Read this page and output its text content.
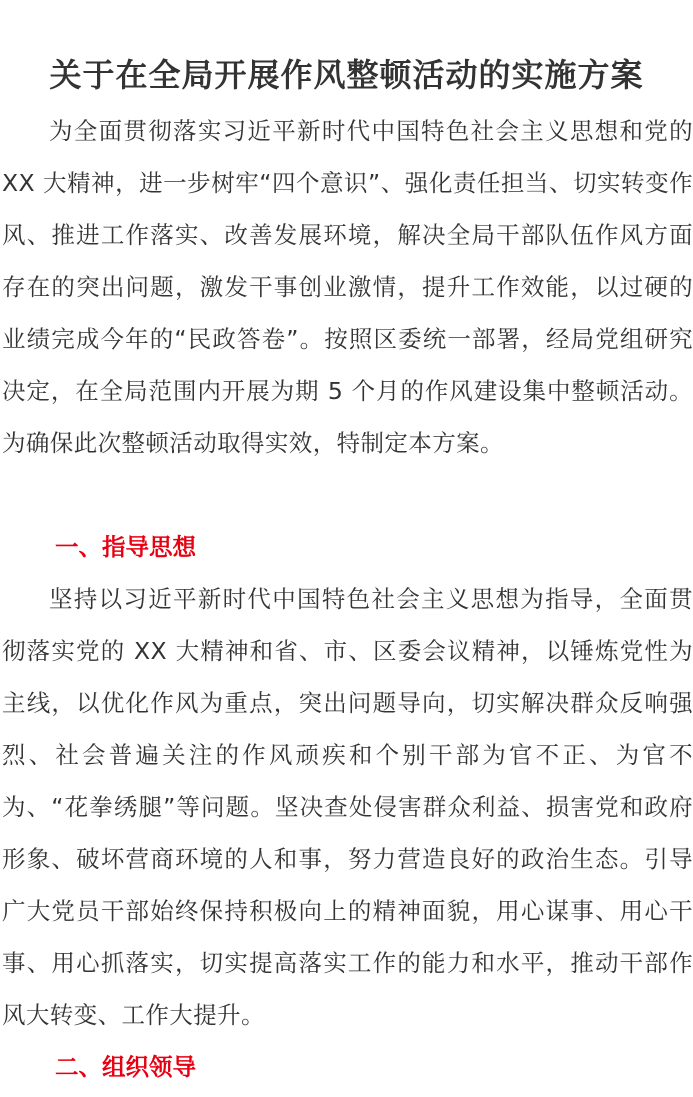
关于在全局开展作风整顿活动的实施方案

为全面贯彻落实习近平新时代中国特色社会主义思想和党的 XX 大精神，进一步树牢“四个意识”、强化责任担当、切实转变作风、推进工作落实、改善发展环境，解决全局干部队伍作风方面存在的突出问题，激发干事创业激情，提升工作效能，以过硬的业绩完成今年的“民政答卷”。按照区委统一部署，经局党组研究决定，在全局范围内开展为期 5 个月的作风建设集中整顿活动。为确保此次整顿活动取得实效，特制定本方案。

一、指导思想

坚持以习近平新时代中国特色社会主义思想为指导，全面贯彻落实党的 XX 大精神和省、市、区委会议精神，以锤炼党性为主线，以优化作风为重点，突出问题导向，切实解决群众反响强烈、社会普遍关注的作风顽疾和个别干部为官不正、为官不为、“花拳绣腿”等问题。坚决查处侵害群众利益、损害党和政府形象、破坏营商环境的人和事，努力营造良好的政治生态。引导广大党员干部始终保持积极向上的精神面貌，用心谋事、用心干事、用心抓落实，切实提高落实工作的能力和水平，推动干部作风大转变、工作大提升。

二、组织领导
